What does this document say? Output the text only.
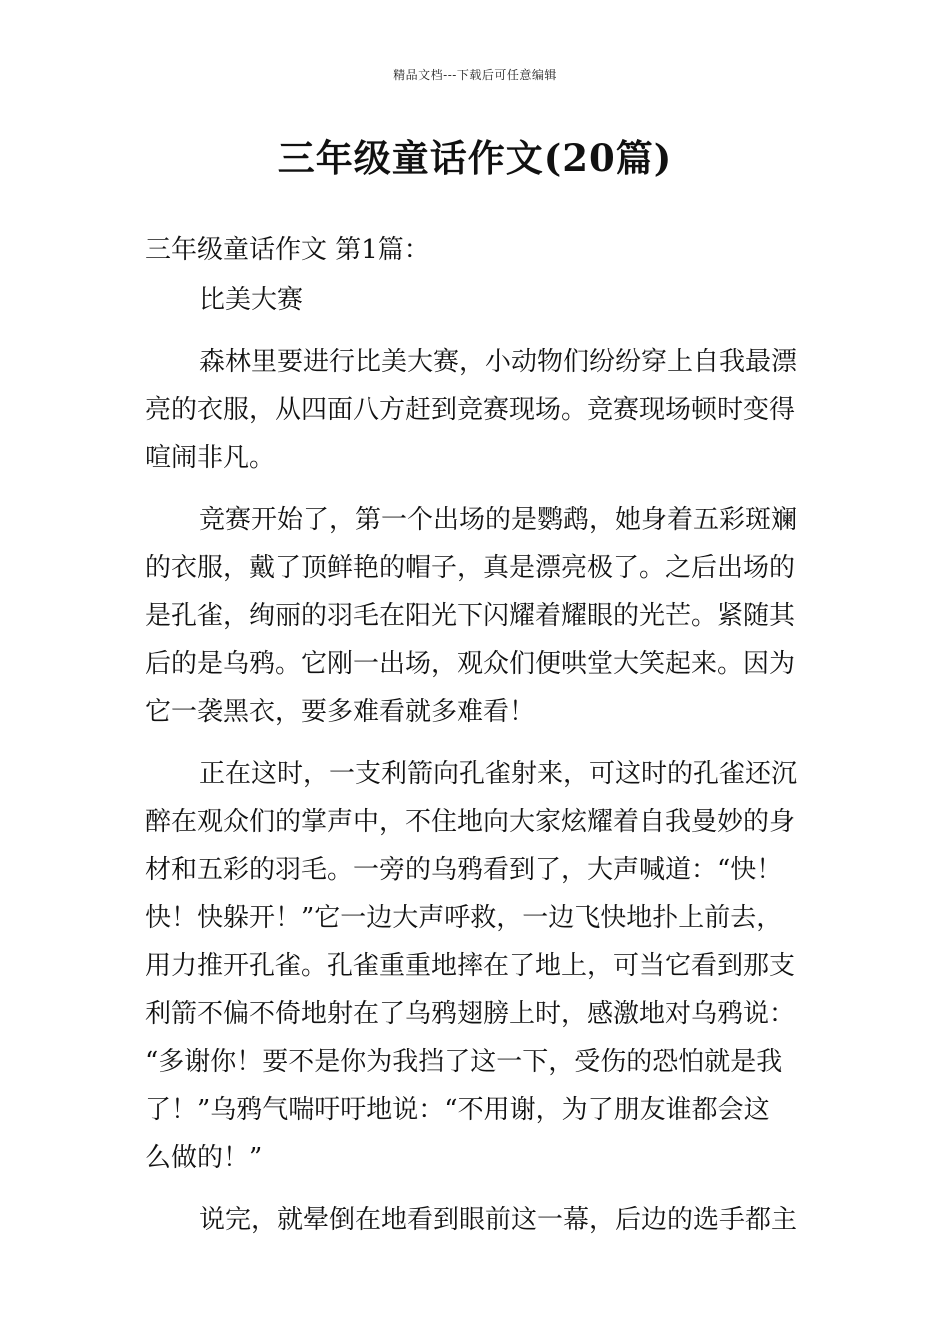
精品文档---下载后可任意编辑
三年级童话作文(20篇)
三年级童话作文 第1篇：
比美大赛
森林里要进行比美大赛，小动物们纷纷穿上自我最漂
亮的衣服，从四面八方赶到竞赛现场。竞赛现场顿时变得
喧闹非凡。
竞赛开始了，第一个出场的是鹦鹉，她身着五彩斑斓
的衣服，戴了顶鲜艳的帽子，真是漂亮极了。之后出场的
是孔雀，绚丽的羽毛在阳光下闪耀着耀眼的光芒。紧随其
后的是乌鸦。它刚一出场，观众们便哄堂大笑起来。因为
它一袭黑衣，要多难看就多难看！
正在这时，一支利箭向孔雀射来，可这时的孔雀还沉
醉在观众们的掌声中，不住地向大家炫耀着自我曼妙的身
材和五彩的羽毛。一旁的乌鸦看到了，大声喊道：“快！
快！快躲开！”它一边大声呼救，一边飞快地扑上前去，
用力推开孔雀。孔雀重重地摔在了地上，可当它看到那支
利箭不偏不倚地射在了乌鸦翅膀上时，感激地对乌鸦说：
“多谢你！要不是你为我挡了这一下，受伤的恐怕就是我
了！”乌鸦气喘吁吁地说：“不用谢，为了朋友谁都会这
么做的！”
说完，就晕倒在地看到眼前这一幕，后边的选手都主
